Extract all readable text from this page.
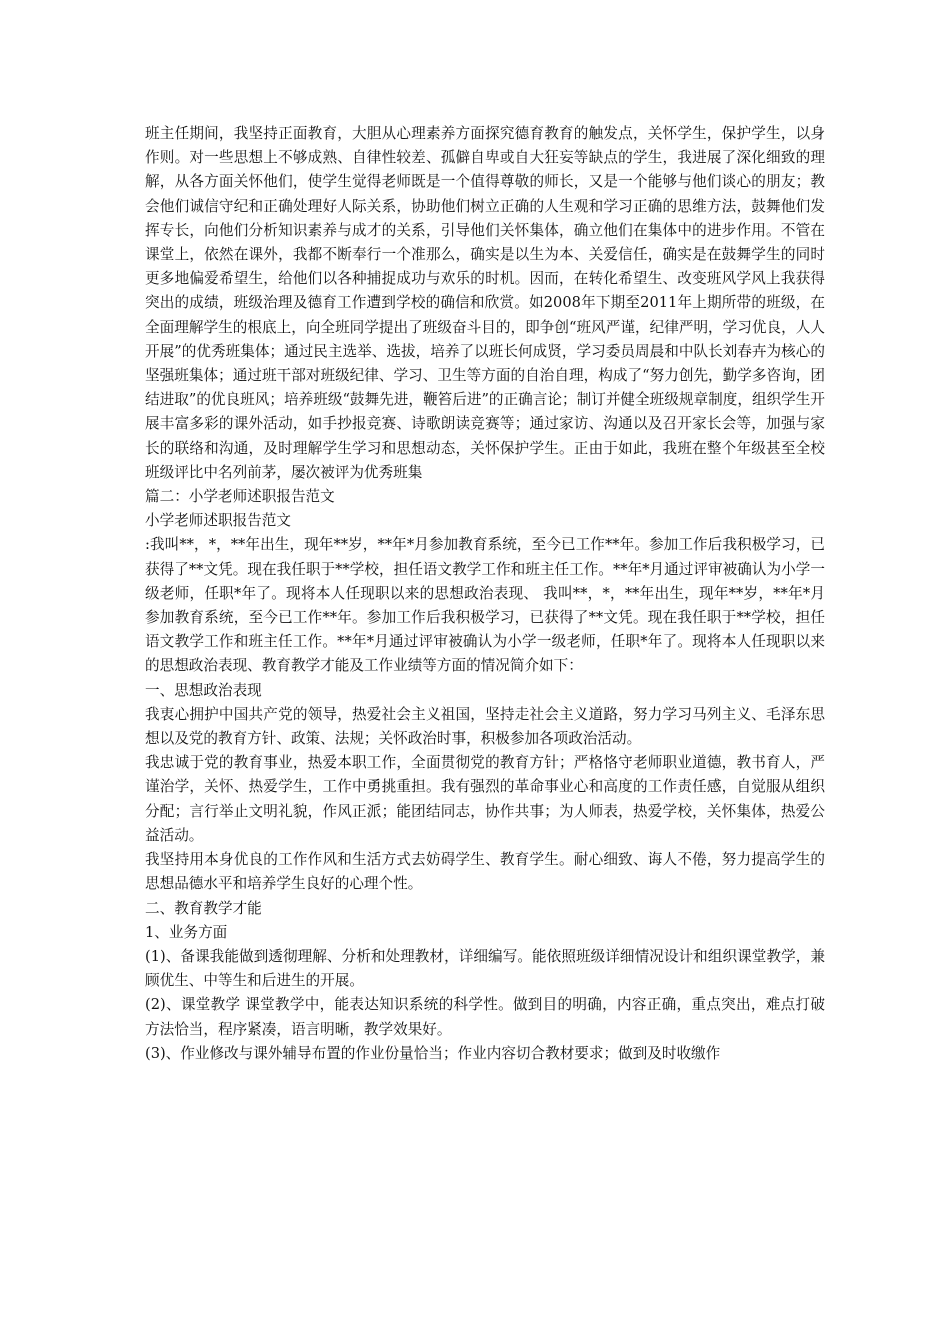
班主任期间，我坚持正面教育，大胆从心理素养方面探究德育教育的触发点，关怀学生，保护学生，以身作则。对一些思想上不够成熟、自律性较差、孤僻自卑或自大狂妄等缺点的学生，我进展了深化细致的理解，从各方面关怀他们，使学生觉得老师既是一个值得尊敬的师长，又是一个能够与他们谈心的朋友；教会他们诚信守纪和正确处理好人际关系，协助他们树立正确的人生观和学习正确的思维方法，鼓舞他们发挥专长，向他们分析知识素养与成才的关系，引导他们关怀集体，确立他们在集体中的进步作用。不管在课堂上，依然在课外，我都不断奉行一个准那么，确实是以生为本、关爱信任，确实是在鼓舞学生的同时更多地偏爱希望生，给他们以各种捕捉成功与欢乐的时机。因而，在转化希望生、改变班风学风上我获得突出的成绩，班级治理及德育工作遭到学校的确信和欣赏。如2008年下期至2011年上期所带的班级，在全面理解学生的根底上，向全班同学提出了班级奋斗目的，即争创“班风严谨，纪律严明，学习优良，人人开展”的优秀班集体；通过民主选举、选拔，培养了以班长何成贤，学习委员周晨和中队长刘春卉为核心的坚强班集体；通过班干部对班级纪律、学习、卫生等方面的自治自理，构成了“努力创先，勤学多咨询，团结进取”的优良班风；培养班级“鼓舞先进，鞭笞后进”的正确言论；制订并健全班级规章制度，组织学生开展丰富多彩的课外活动，如手抄报竞赛、诗歌朗读竞赛等；通过家访、沟通以及召开家长会等，加强与家长的联络和沟通，及时理解学生学习和思想动态，关怀保护学生。正由于如此，我班在整个年级甚至全校班级评比中名列前茅，屡次被评为优秀班集

篇二：小学老师述职报告范文

小学老师述职报告范文

:我叫**，*，**年出生，现年**岁，**年*月参加教育系统，至今已工作**年。参加工作后我积极学习，已获得了**文凭。现在我任职于**学校，担任语文教学工作和班主任工作。**年*月通过评审被确认为小学一级老师，任职*年了。现将本人任现职以来的思想政治表现、 我叫**，*，**年出生，现年**岁，**年*月参加教育系统，至今已工作**年。参加工作后我积极学习，已获得了**文凭。现在我任职于**学校，担任语文教学工作和班主任工作。**年*月通过评审被确认为小学一级老师，任职*年了。现将本人任现职以来的思想政治表现、教育教学才能及工作业绩等方面的情况简介如下：

一、思想政治表现

我衷心拥护中国共产党的领导，热爱社会主义祖国，坚持走社会主义道路，努力学习马列主义、毛泽东思想以及党的教育方针、政策、法规；关怀政治时事，积极参加各项政治活动。

我忠诚于党的教育事业，热爱本职工作，全面贯彻党的教育方针；严格恪守老师职业道德，教书育人，严谨治学，关怀、热爱学生，工作中勇挑重担。我有强烈的革命事业心和高度的工作责任感，自觉服从组织分配；言行举止文明礼貌，作风正派；能团结同志，协作共事；为人师表，热爱学校，关怀集体，热爱公益活动。

我坚持用本身优良的工作作风和生活方式去妨碍学生、教育学生。耐心细致、诲人不倦，努力提高学生的思想品德水平和培养学生良好的心理个性。

二、教育教学才能

1、业务方面

(1)、备课我能做到透彻理解、分析和处理教材，详细编写。能依照班级详细情况设计和组织课堂教学，兼顾优生、中等生和后进生的开展。

(2)、课堂教学 课堂教学中，能表达知识系统的科学性。做到目的明确，内容正确，重点突出，难点打破方法恰当，程序紧凑，语言明晰，教学效果好。

(3)、作业修改与课外辅导布置的作业份量恰当；作业内容切合教材要求；做到及时收缴作
